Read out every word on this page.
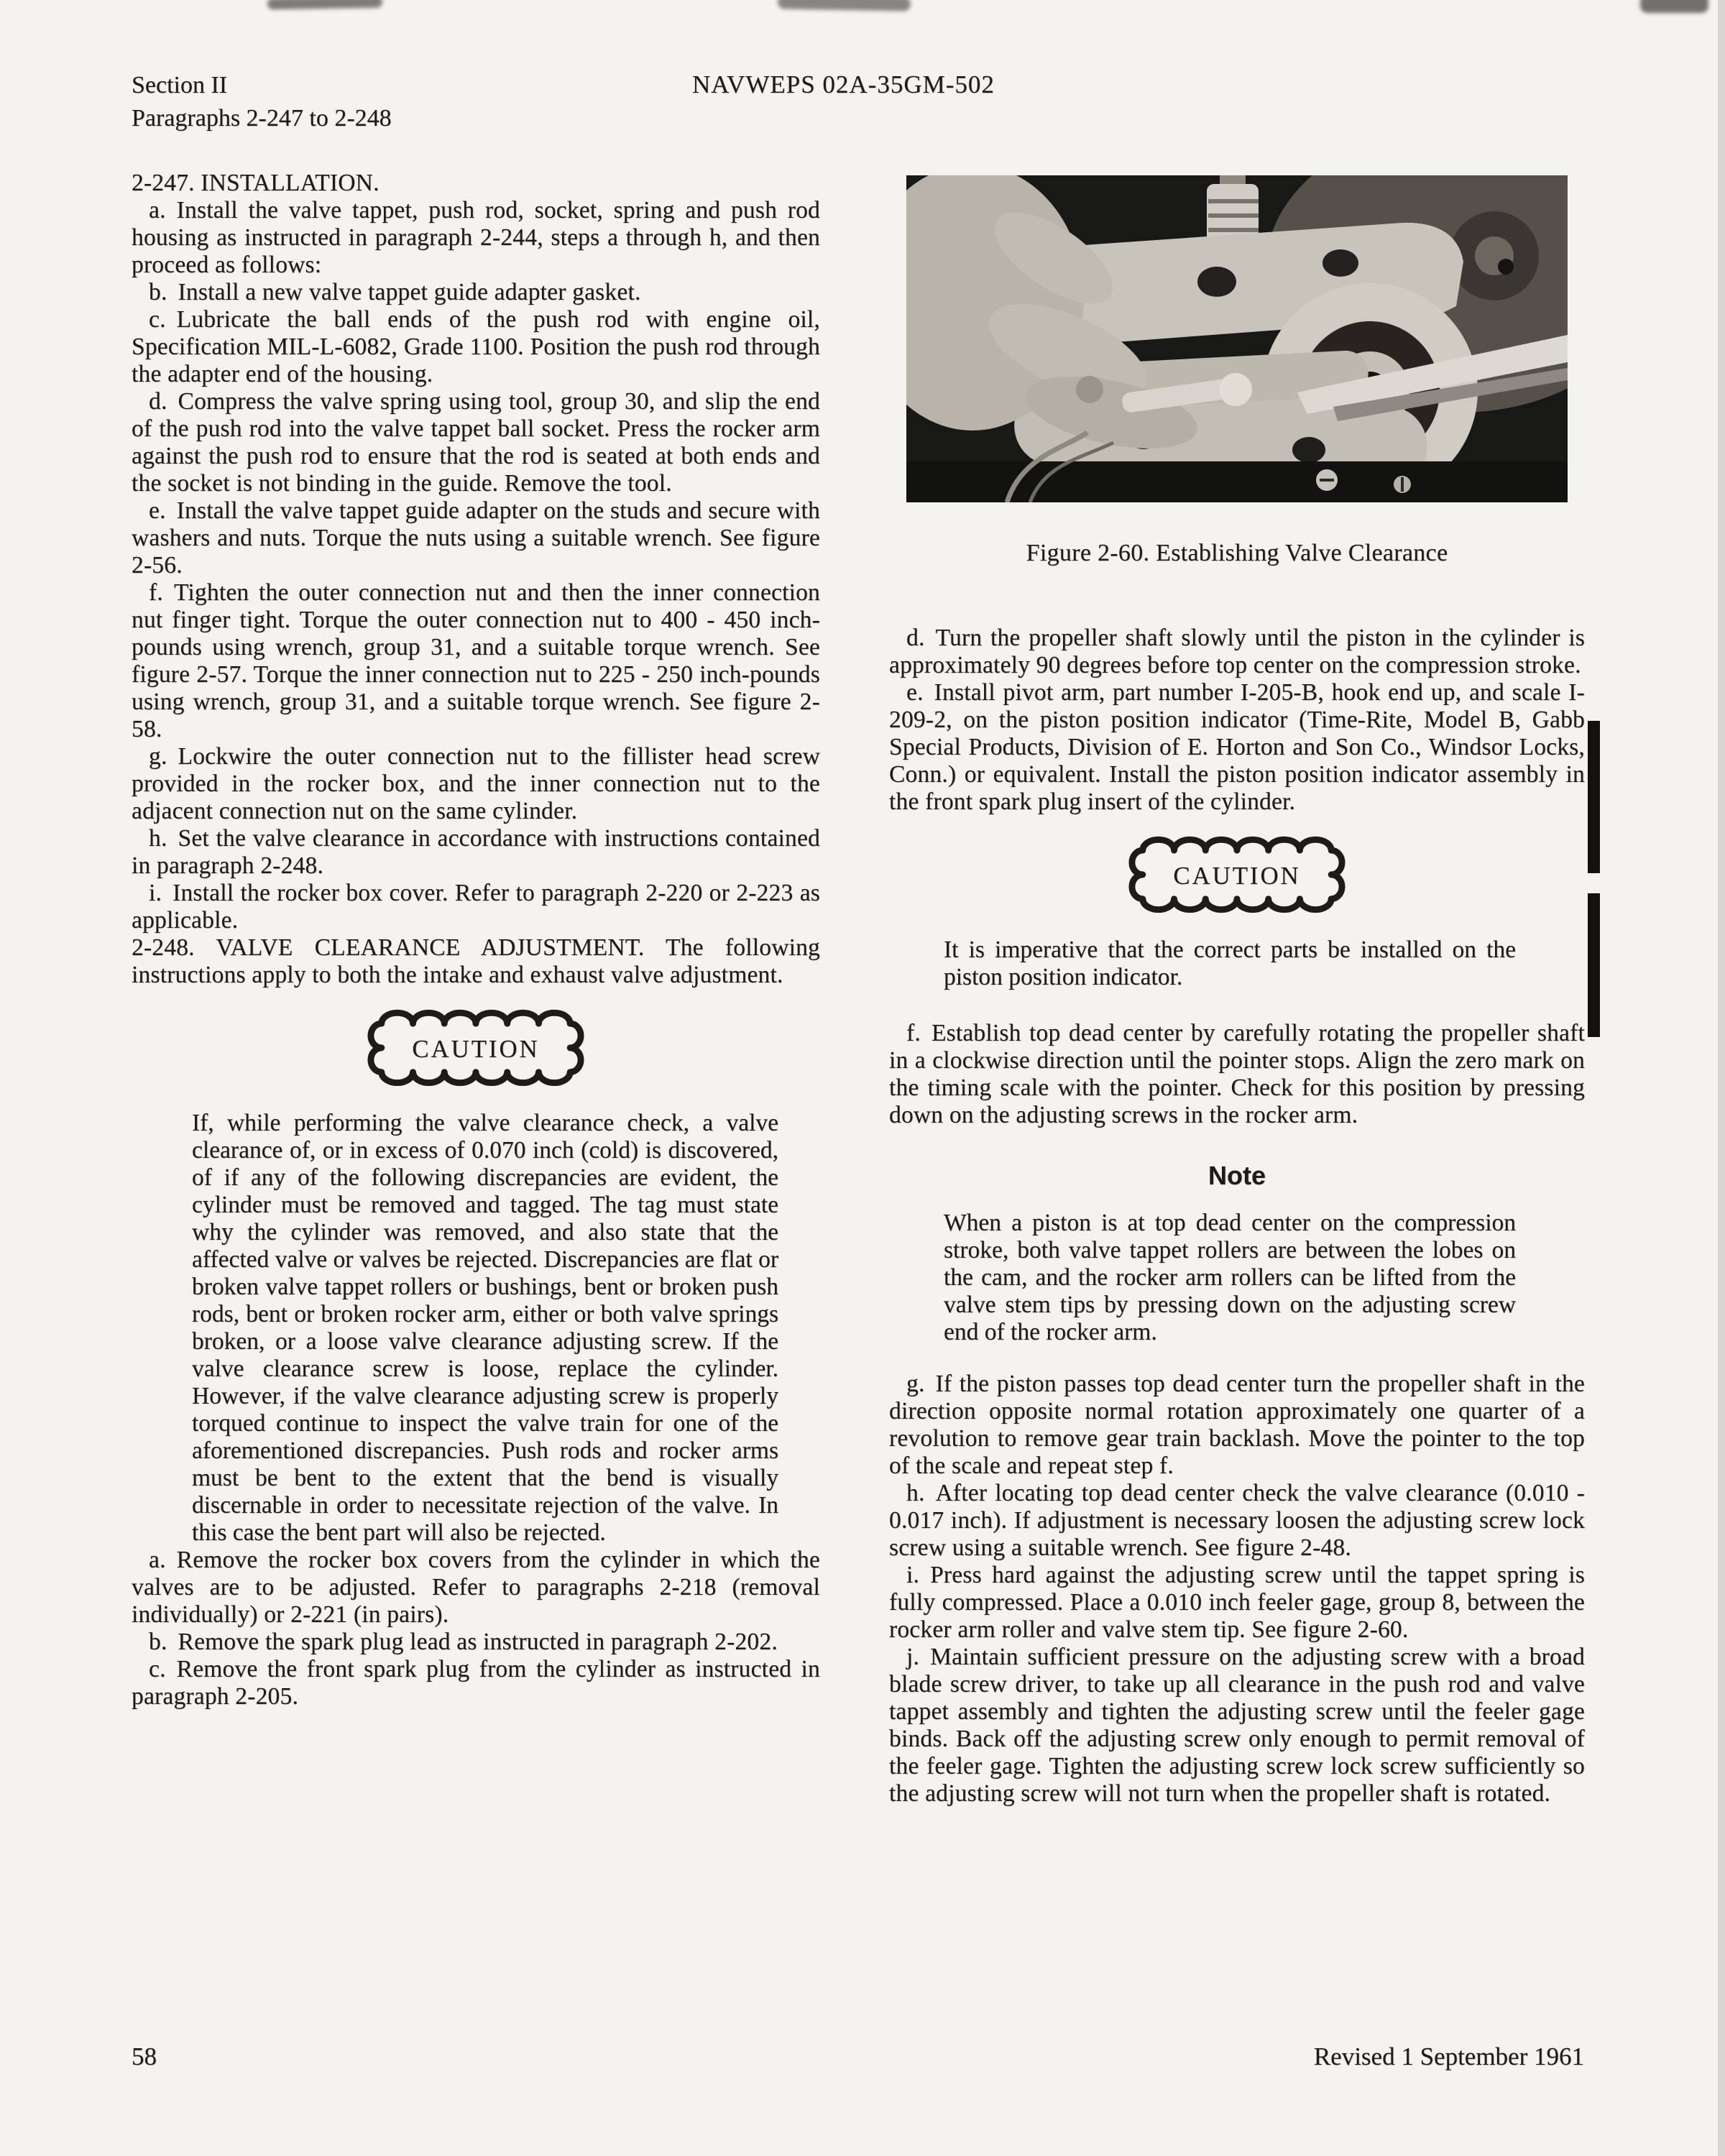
Section II
Paragraphs 2-247 to 2-248
NAVWEPS 02A-35GM-502

2-247. INSTALLATION.

a. Install the valve tappet, push rod, socket, spring and push rod housing as instructed in paragraph 2-244, steps a through h, and then proceed as follows:

b. Install a new valve tappet guide adapter gasket.

c. Lubricate the ball ends of the push rod with engine oil, Specification MIL-L-6082, Grade 1100. Position the push rod through the adapter end of the housing.

d. Compress the valve spring using tool, group 30, and slip the end of the push rod into the valve tappet ball socket. Press the rocker arm against the push rod to ensure that the rod is seated at both ends and the socket is not binding in the guide. Remove the tool.

e. Install the valve tappet guide adapter on the studs and secure with washers and nuts. Torque the nuts using a suitable wrench. See figure 2-56.

f. Tighten the outer connection nut and then the inner connection nut finger tight. Torque the outer connection nut to 400 - 450 inch-pounds using wrench, group 31, and a suitable torque wrench. See figure 2-57. Torque the inner connection nut to 225 - 250 inch-pounds using wrench, group 31, and a suitable torque wrench. See figure 2-58.

g. Lockwire the outer connection nut to the fillister head screw provided in the rocker box, and the inner connection nut to the adjacent connection nut on the same cylinder.

h. Set the valve clearance in accordance with instructions contained in paragraph 2-248.

i. Install the rocker box cover. Refer to paragraph 2-220 or 2-223 as applicable.

2-248. VALVE CLEARANCE ADJUSTMENT. The following instructions apply to both the intake and exhaust valve adjustment.

CAUTION
If, while performing the valve clearance check, a valve clearance of, or in excess of 0.070 inch (cold) is discovered, of if any of the following discrepancies are evident, the cylinder must be removed and tagged. The tag must state why the cylinder was removed, and also state that the affected valve or valves be rejected. Discrepancies are flat or broken valve tappet rollers or bushings, bent or broken push rods, bent or broken rocker arm, either or both valve springs broken, or a loose valve clearance adjusting screw. If the valve clearance screw is loose, replace the cylinder. However, if the valve clearance adjusting screw is properly torqued continue to inspect the valve train for one of the aforementioned discrepancies. Push rods and rocker arms must be bent to the extent that the bend is visually discernable in order to necessitate rejection of the valve. In this case the bent part will also be rejected.

a. Remove the rocker box covers from the cylinder in which the valves are to be adjusted. Refer to paragraphs 2-218 (removal individually) or 2-221 (in pairs).

b. Remove the spark plug lead as instructed in paragraph 2-202.

c. Remove the front spark plug from the cylinder as instructed in paragraph 2-205.

Figure 2-60. Establishing Valve Clearance

d. Turn the propeller shaft slowly until the piston in the cylinder is approximately 90 degrees before top center on the compression stroke.

e. Install pivot arm, part number I-205-B, hook end up, and scale I-209-2, on the piston position indicator (Time-Rite, Model B, Gabb Special Products, Division of E. Horton and Son Co., Windsor Locks, Conn.) or equivalent. Install the piston position indicator assembly in the front spark plug insert of the cylinder.

CAUTION
It is imperative that the correct parts be installed on the piston position indicator.

f. Establish top dead center by carefully rotating the propeller shaft in a clockwise direction until the pointer stops. Align the zero mark on the timing scale with the pointer. Check for this position by pressing down on the adjusting screws in the rocker arm.

Note
When a piston is at top dead center on the compression stroke, both valve tappet rollers are between the lobes on the cam, and the rocker arm rollers can be lifted from the valve stem tips by pressing down on the adjusting screw end of the rocker arm.

g. If the piston passes top dead center turn the propeller shaft in the direction opposite normal rotation approximately one quarter of a revolution to remove gear train backlash. Move the pointer to the top of the scale and repeat step f.

h. After locating top dead center check the valve clearance (0.010 - 0.017 inch). If adjustment is necessary loosen the adjusting screw lock screw using a suitable wrench. See figure 2-48.

i. Press hard against the adjusting screw until the tappet spring is fully compressed. Place a 0.010 inch feeler gage, group 8, between the rocker arm roller and valve stem tip. See figure 2-60.

j. Maintain sufficient pressure on the adjusting screw with a broad blade screw driver, to take up all clearance in the push rod and valve tappet assembly and tighten the adjusting screw until the feeler gage binds. Back off the adjusting screw only enough to permit removal of the feeler gage. Tighten the adjusting screw lock screw sufficiently so the adjusting screw will not turn when the propeller shaft is rotated.

58	Revised 1 September 1961
